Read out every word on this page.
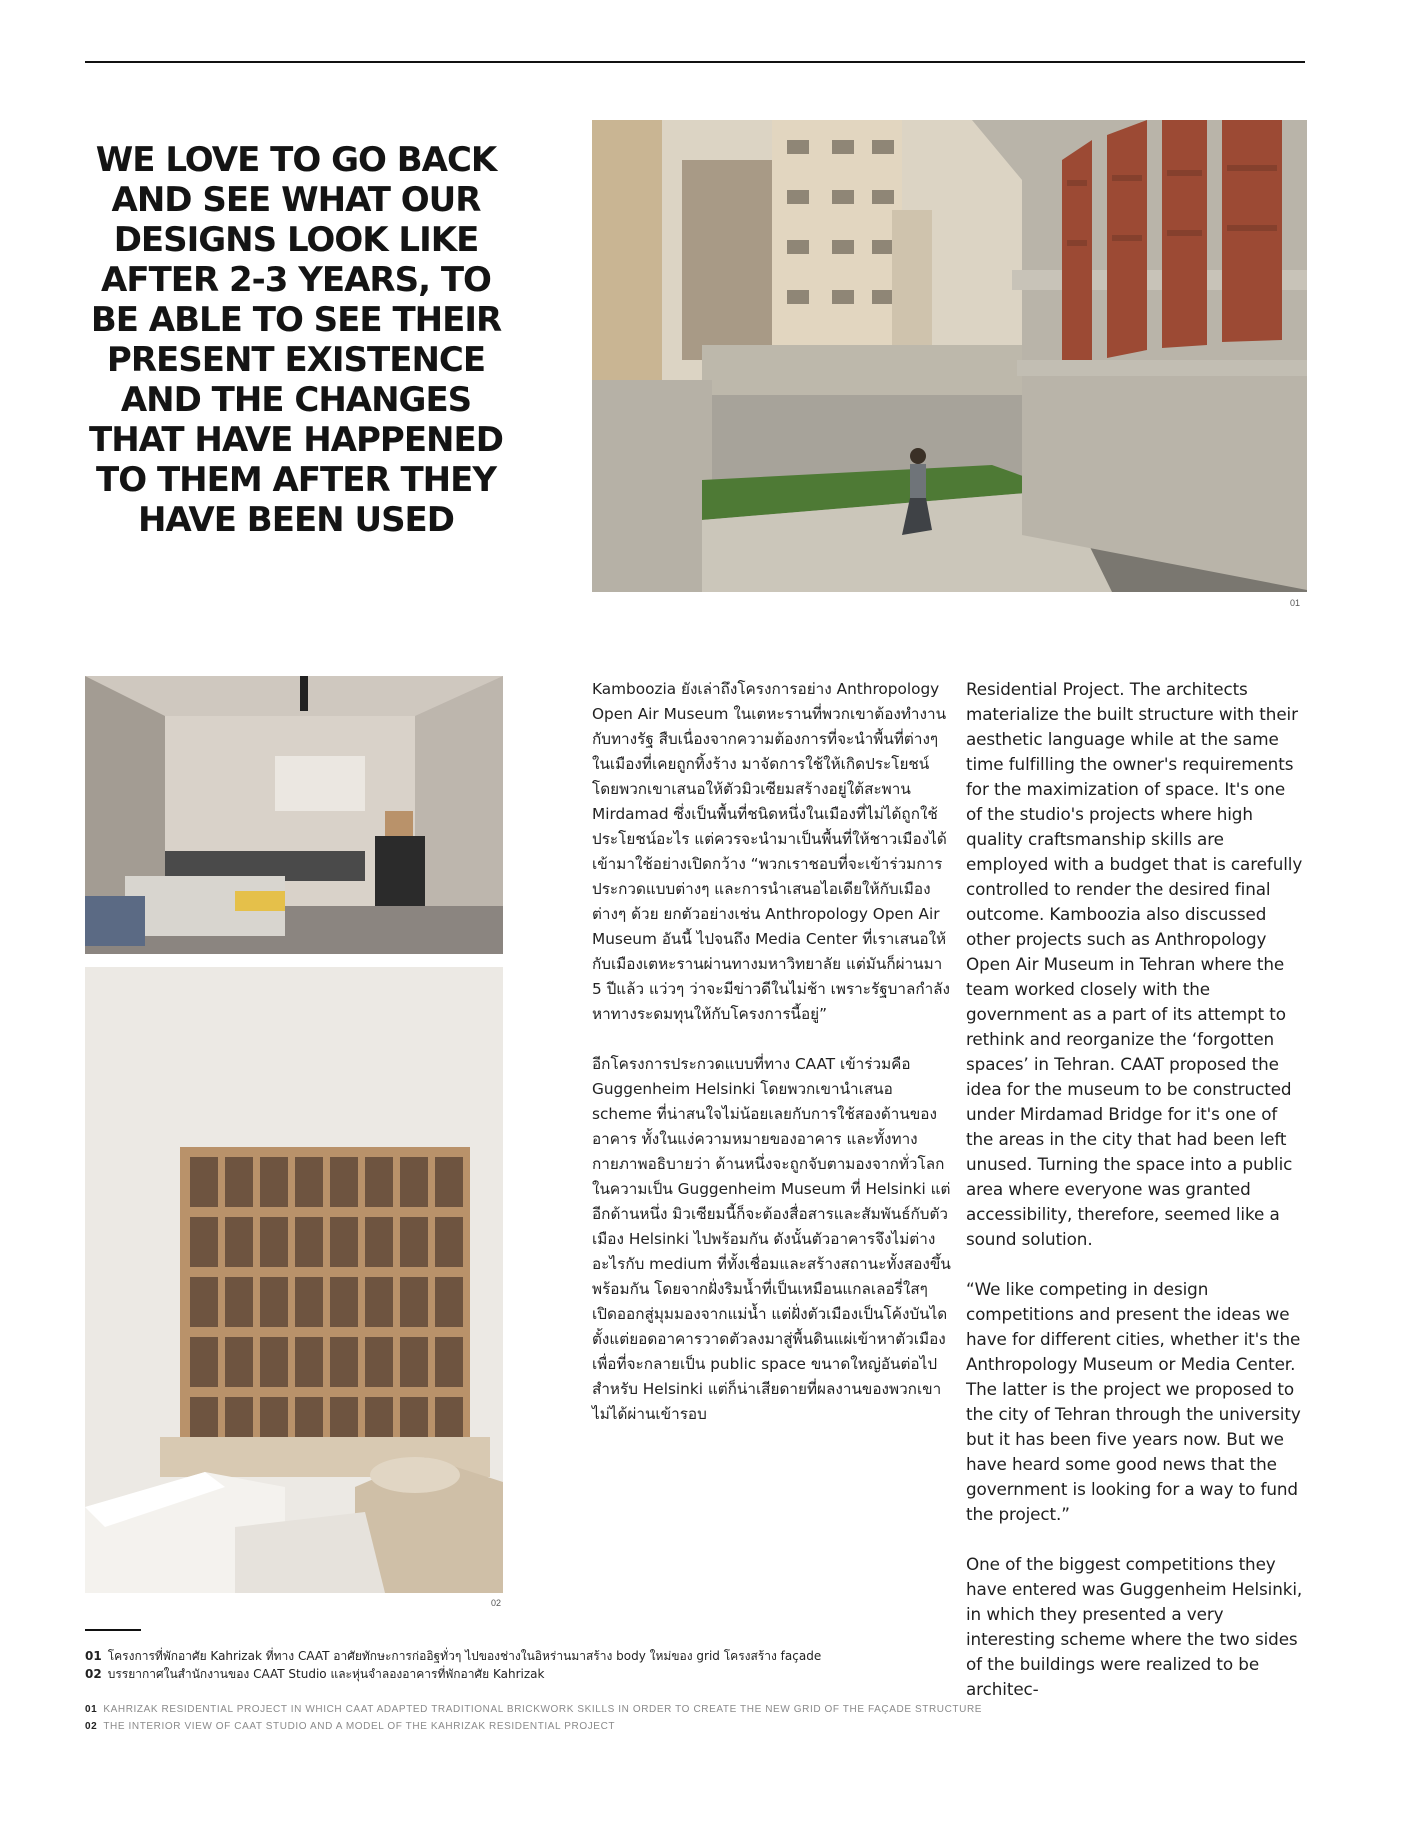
WE LOVE TO GO BACK AND SEE WHAT OUR DESIGNS LOOK LIKE AFTER 2-3 YEARS, TO BE ABLE TO SEE THEIR PRESENT EXISTENCE AND THE CHANGES THAT HAVE HAPPENED TO THEM AFTER THEY HAVE BEEN USED
01
02

Kamboozia ยังเล่าถึงโครงการอย่าง Anthropology Open Air Museum ในเตหะรานที่พวกเขาต้องทำงานกับทางรัฐ สืบเนื่องจากความต้องการที่จะนำพื้นที่ต่างๆ ในเมืองที่เคยถูกทิ้งร้าง มาจัดการใช้ให้เกิดประโยชน์โดยพวกเขาเสนอให้ตัวมิวเซียมสร้างอยู่ใต้สะพาน Mirdamad ซึ่งเป็นพื้นที่ชนิดหนึ่งในเมืองที่ไม่ได้ถูกใช้ประโยชน์อะไร แต่ควรจะนำมาเป็นพื้นที่ให้ชาวเมืองได้เข้ามาใช้อย่างเปิดกว้าง “พวกเราชอบที่จะเข้าร่วมการประกวดแบบต่างๆ และการนำเสนอไอเดียให้กับเมืองต่างๆ ด้วย ยกตัวอย่างเช่น Anthropology Open Air Museum อันนี้ ไปจนถึง Media Center ที่เราเสนอให้กับเมืองเตหะรานผ่านทางมหาวิทยาลัย แต่มันก็ผ่านมา 5 ปีแล้ว แว่วๆ ว่าจะมีข่าวดีในไม่ช้า เพราะรัฐบาลกำลังหาทางระดมทุนให้กับโครงการนี้อยู่”

อีกโครงการประกวดแบบที่ทาง CAAT เข้าร่วมคือ Guggenheim Helsinki โดยพวกเขานำเสนอ scheme ที่น่าสนใจไม่น้อยเลยกับการใช้สองด้านของอาคาร ทั้งในแง่ความหมายของอาคาร และทั้งทางกายภาพอธิบายว่า ด้านหนึ่งจะถูกจับตามองจากทั่วโลกในความเป็น Guggenheim Museum ที่ Helsinki แต่อีกด้านหนึ่ง มิวเซียมนี้ก็จะต้องสื่อสารและสัมพันธ์กับตัวเมือง Helsinki ไปพร้อมกัน ดังนั้นตัวอาคารจึงไม่ต่างอะไรกับ medium ที่ทั้งเชื่อมและสร้างสถานะทั้งสองขึ้นพร้อมกัน โดยจากฝั่งริมน้ำที่เป็นเหมือนแกลเลอรี่ใสๆ เปิดออกสู่มุมมองจากแม่น้ำ แต่ฝั่งตัวเมืองเป็นโค้งบันไดตั้งแต่ยอดอาคารวาดตัวลงมาสู่พื้นดินแผ่เข้าหาตัวเมืองเพื่อที่จะกลายเป็น public space ขนาดใหญ่อันต่อไปสำหรับ Helsinki แต่ก็น่าเสียดายที่ผลงานของพวกเขาไม่ได้ผ่านเข้ารอบ

Residential Project. The architects materialize the built structure with their aesthetic language while at the same time fulfilling the owner's requirements for the maximization of space. It's one of the studio's projects where high quality craftsmanship skills are employed with a budget that is carefully controlled to render the desired final outcome. Kamboozia also discussed other projects such as Anthropology Open Air Museum in Tehran where the team worked closely with the government as a part of its attempt to rethink and reorganize the ‘forgotten spaces’ in Tehran. CAAT proposed the idea for the museum to be constructed under Mirdamad Bridge for it's one of the areas in the city that had been left unused. Turning the space into a public area where everyone was granted accessibility, therefore, seemed like a sound solution.

“We like competing in design competitions and present the ideas we have for different cities, whether it's the Anthropology Museum or Media Center. The latter is the project we proposed to the city of Tehran through the university but it has been five years now. But we have heard some good news that the government is looking for a way to fund the project.”

One of the biggest competitions they have entered was Guggenheim Helsinki, in which they presented a very interesting scheme where the two sides of the buildings were realized to be architec-

01 โครงการที่พักอาศัย Kahrizak ที่ทาง CAAT อาศัยทักษะการก่ออิฐทั่วๆ ไปของช่างในอิหร่านมาสร้าง body ใหม่ของ grid โครงสร้าง façade
02 บรรยากาศในสำนักงานของ CAAT Studio และหุ่นจำลองอาคารที่พักอาศัย Kahrizak
01 KAHRIZAK RESIDENTIAL PROJECT IN WHICH CAAT ADAPTED TRADITIONAL BRICKWORK SKILLS IN ORDER TO CREATE THE NEW GRID OF THE FAÇADE STRUCTURE
02 THE INTERIOR VIEW OF CAAT STUDIO AND A MODEL OF THE KAHRIZAK RESIDENTIAL PROJECT
